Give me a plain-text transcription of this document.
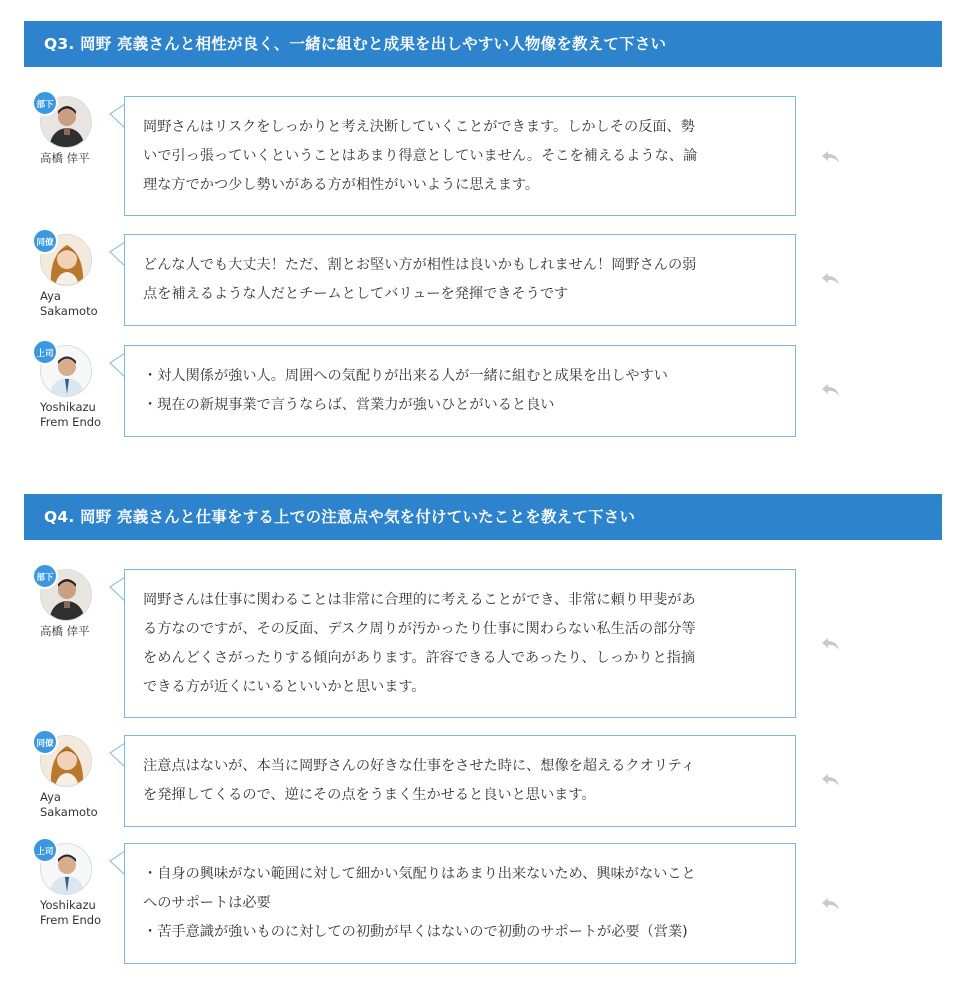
Q3. 岡野 亮義さんと相性が良く、一緒に組むと成果を出しやすい人物像を教えて下さい
部下
高橋 倖平
岡野さんはリスクをしっかりと考え決断していくことができます。しかしその反面、勢
いで引っ張っていくということはあまり得意としていません。そこを補えるような、論
理な方でかつ少し勢いがある方が相性がいいように思えます。
同僚
Aya Sakamoto
どんな人でも大丈夫！ただ、割とお堅い方が相性は良いかもしれません！岡野さんの弱
点を補えるような人だとチームとしてバリューを発揮できそうです
上司
Yoshikazu Frem Endo
・対人関係が強い人。周囲への気配りが出来る人が一緒に組むと成果を出しやすい
・現在の新規事業で言うならば、営業力が強いひとがいると良い
Q4. 岡野 亮義さんと仕事をする上での注意点や気を付けていたことを教えて下さい
部下
高橋 倖平
岡野さんは仕事に関わることは非常に合理的に考えることができ、非常に頼り甲斐があ
る方なのですが、その反面、デスク周りが汚かったり仕事に関わらない私生活の部分等
をめんどくさがったりする傾向があります。許容できる人であったり、しっかりと指摘
できる方が近くにいるといいかと思います。
同僚
Aya Sakamoto
注意点はないが、本当に岡野さんの好きな仕事をさせた時に、想像を超えるクオリティ
を発揮してくるので、逆にその点をうまく生かせると良いと思います。
上司
Yoshikazu Frem Endo
・自身の興味がない範囲に対して細かい気配りはあまり出来ないため、興味がないこと
へのサポートは必要
・苦手意識が強いものに対しての初動が早くはないので初動のサポートが必要（営業)
